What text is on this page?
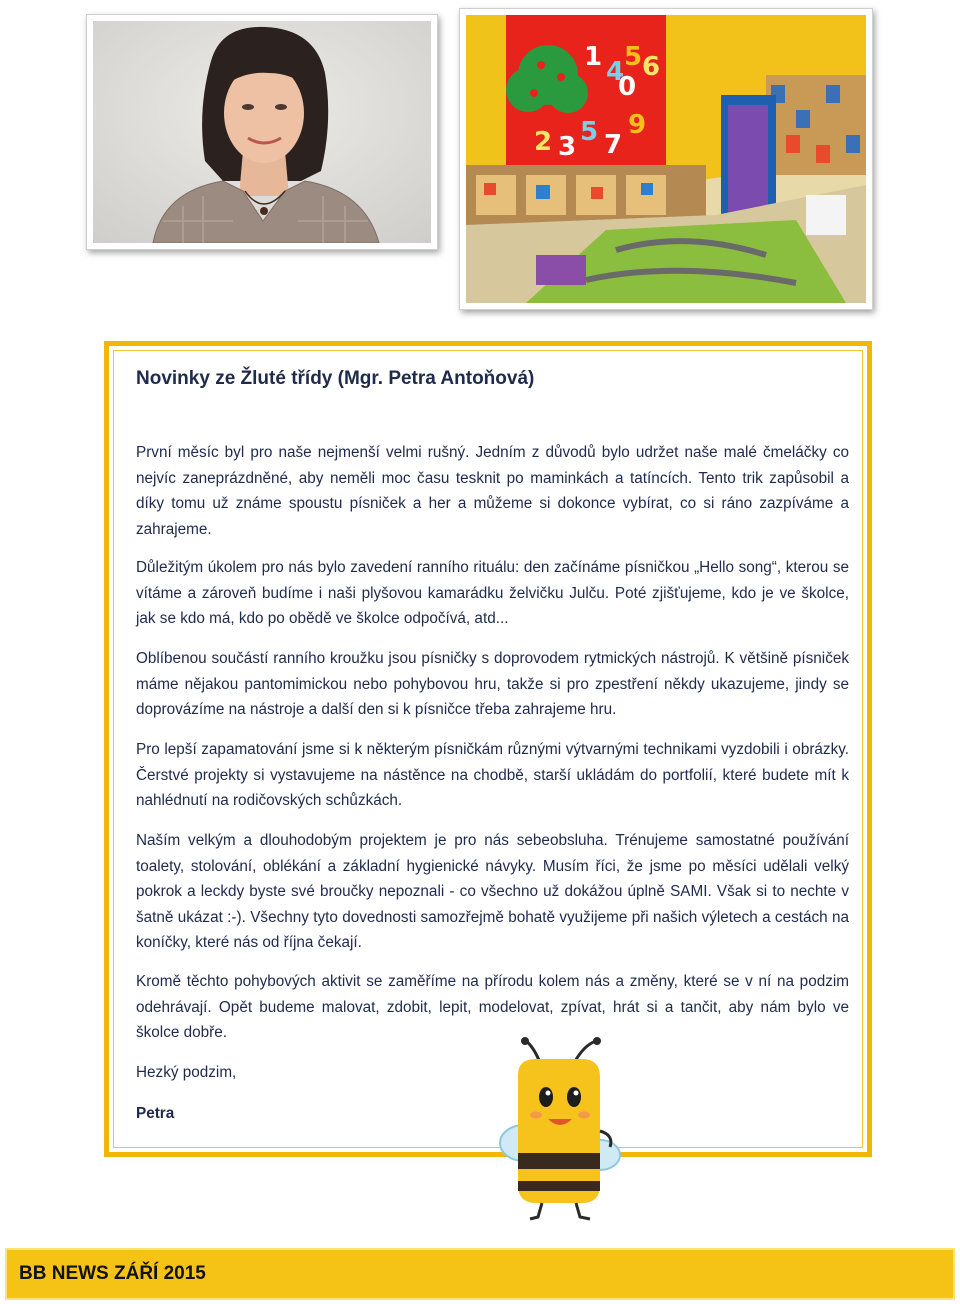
1 4 5 6
0
2 3 5 7
9
Novinky ze Žluté třídy (Mgr. Petra Antoňová)

První měsíc byl pro naše nejmenší velmi rušný. Jedním z důvodů bylo udržet naše malé čmeláčky co nejvíc zaneprázdněné, aby neměli moc času tesknit po maminkách a tatíncích. Tento trik zapůsobil a díky tomu už známe spoustu písniček a her a můžeme si dokonce vybírat, co si ráno zazpíváme a zahrajeme.

Důležitým úkolem pro nás bylo zavedení ranního rituálu: den začínáme písničkou „Hello song“, kterou se vítáme a zároveň budíme i naši plyšovou kamarádku želvičku Julču. Poté zjišťujeme, kdo je ve školce, jak se kdo má, kdo po obědě ve školce odpočívá, atd...

Oblíbenou součástí ranního kroužku jsou písničky s doprovodem rytmických nástrojů. K většině písniček máme nějakou pantomimickou nebo pohybovou hru, takže si pro zpestření někdy ukazujeme, jindy se doprovázíme na nástroje a další den si k písničce třeba zahrajeme hru.

Pro lepší zapamatování jsme si k některým písničkám různými výtvarnými technikami vyzdobili i obrázky. Čerstvé projekty si vystavujeme na nástěnce na chodbě, starší ukládám do portfolií, které budete mít k nahlédnutí na rodičovských schůzkách.

Naším velkým a dlouhodobým projektem je pro nás sebeobsluha. Trénujeme samostatné používání toalety, stolování, oblékání a základní hygienické návyky. Musím říci, že jsme po měsíci udělali velký pokrok a leckdy byste své broučky nepoznali - co všechno už dokážou úplně SAMI. Však si to nechte v šatně ukázat :-). Všechny tyto dovednosti samozřejmě bohatě využijeme při našich výletech a cestách na koníčky, které nás od října čekají.

Kromě těchto pohybových aktivit se zaměříme na přírodu kolem nás a změny, které se v ní na podzim odehrávají. Opět budeme malovat, zdobit, lepit, modelovat, zpívat, hrát si a tančit, aby nám bylo ve školce dobře.

Hezký podzim,

Petra

BB NEWS ZÁŘÍ 2015
